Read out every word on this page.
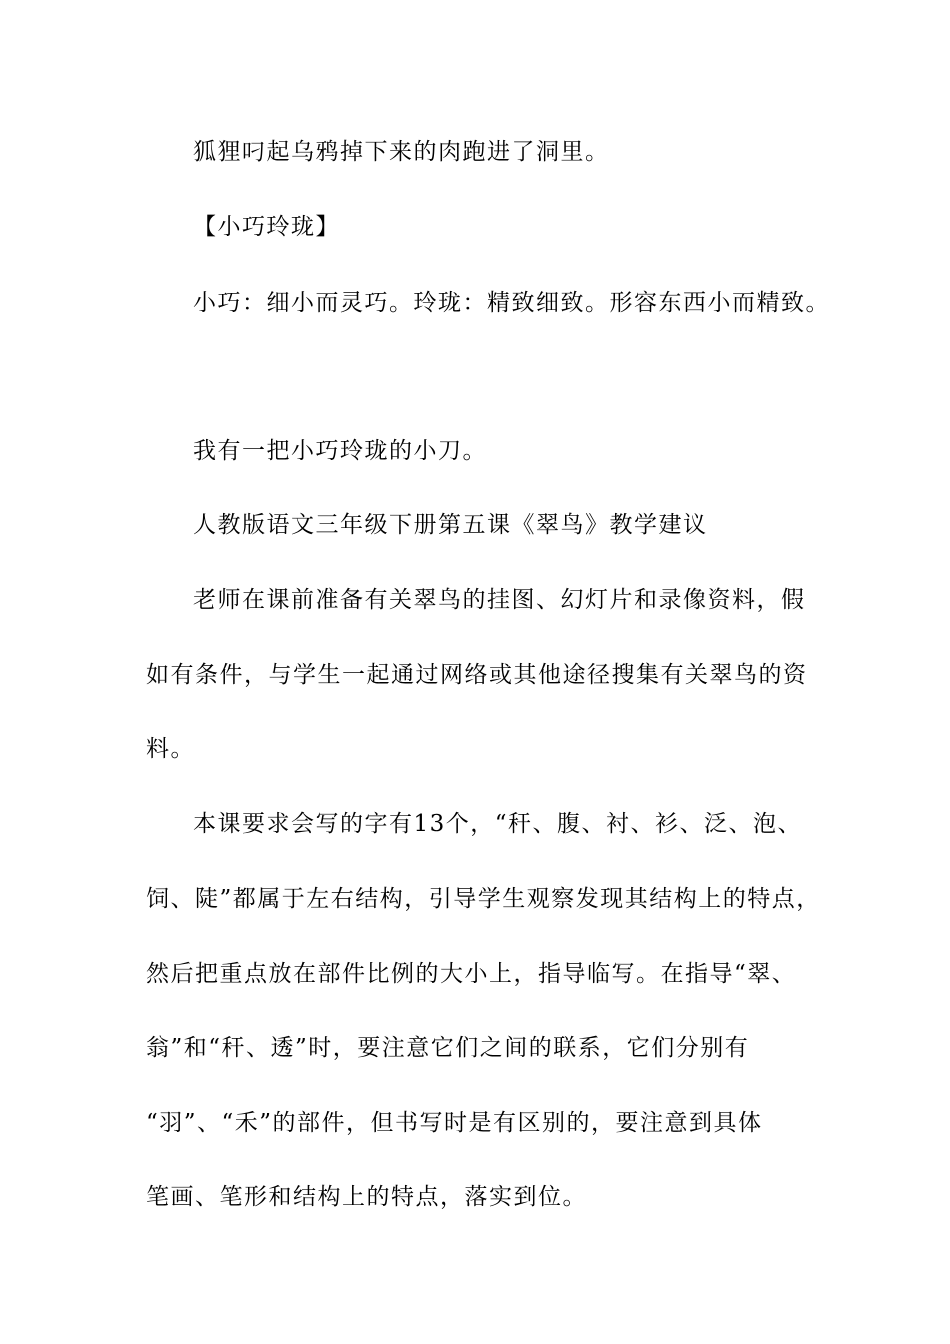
狐狸叼起乌鸦掉下来的肉跑进了洞里。
【小巧玲珑】
小巧：细小而灵巧。玲珑：精致细致。形容东西小而精致。
我有一把小巧玲珑的小刀。
人教版语文三年级下册第五课《翠鸟》教学建议
老师在课前准备有关翠鸟的挂图、幻灯片和录像资料，假
如有条件，与学生一起通过网络或其他途径搜集有关翠鸟的资
料。
本课要求会写的字有13个，“秆、腹、衬、衫、泛、泡、
饲、陡”都属于左右结构，引导学生观察发现其结构上的特点，
然后把重点放在部件比例的大小上，指导临写。在指导“翠、
翁”和“秆、透”时，要注意它们之间的联系，它们分别有
“羽”、“禾”的部件，但书写时是有区别的，要注意到具体
笔画、笔形和结构上的特点，落实到位。
